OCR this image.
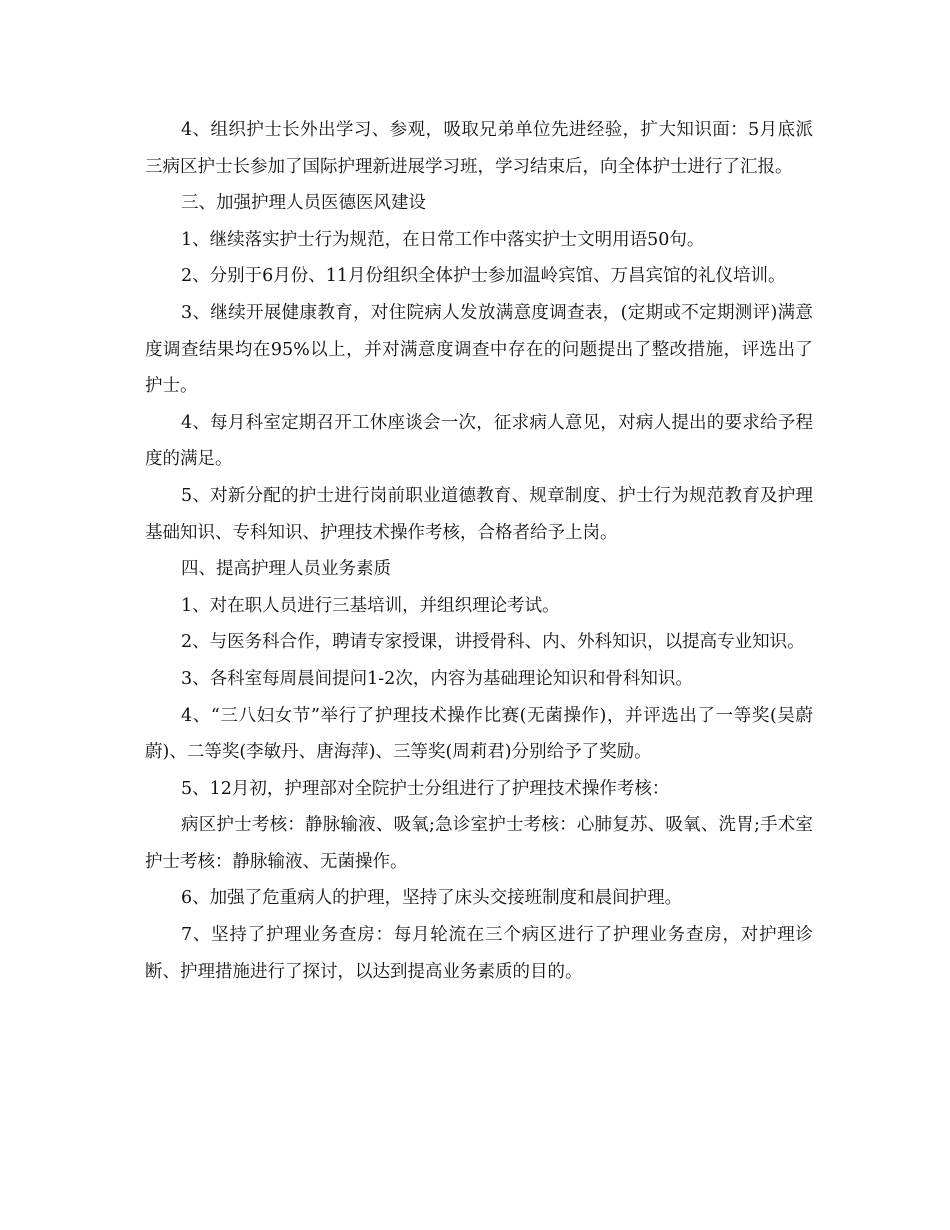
4、组织护士长外出学习、参观，吸取兄弟单位先进经验，扩大知识面：5月底派三病区护士长参加了国际护理新进展学习班，学习结束后，向全体护士进行了汇报。

三、加强护理人员医德医风建设

1、继续落实护士行为规范，在日常工作中落实护士文明用语50句。

2、分别于6月份、11月份组织全体护士参加温岭宾馆、万昌宾馆的礼仪培训。

3、继续开展健康教育，对住院病人发放满意度调查表，(定期或不定期测评)满意度调查结果均在95%以上，并对满意度调查中存在的问题提出了整改措施，评选出了护士。

4、每月科室定期召开工休座谈会一次，征求病人意见，对病人提出的要求给予程度的满足。

5、对新分配的护士进行岗前职业道德教育、规章制度、护士行为规范教育及护理基础知识、专科知识、护理技术操作考核，合格者给予上岗。

四、提高护理人员业务素质

1、对在职人员进行三基培训，并组织理论考试。

2、与医务科合作，聘请专家授课，讲授骨科、内、外科知识，以提高专业知识。

3、各科室每周晨间提问1-2次，内容为基础理论知识和骨科知识。

4、“三八妇女节”举行了护理技术操作比赛(无菌操作)，并评选出了一等奖(吴蔚蔚)、二等奖(李敏丹、唐海萍)、三等奖(周莉君)分别给予了奖励。

5、12月初，护理部对全院护士分组进行了护理技术操作考核：

病区护士考核：静脉输液、吸氧;急诊室护士考核：心肺复苏、吸氧、洗胃;手术室护士考核：静脉输液、无菌操作。

6、加强了危重病人的护理，坚持了床头交接班制度和晨间护理。

7、坚持了护理业务查房：每月轮流在三个病区进行了护理业务查房，对护理诊断、护理措施进行了探讨，以达到提高业务素质的目的。
